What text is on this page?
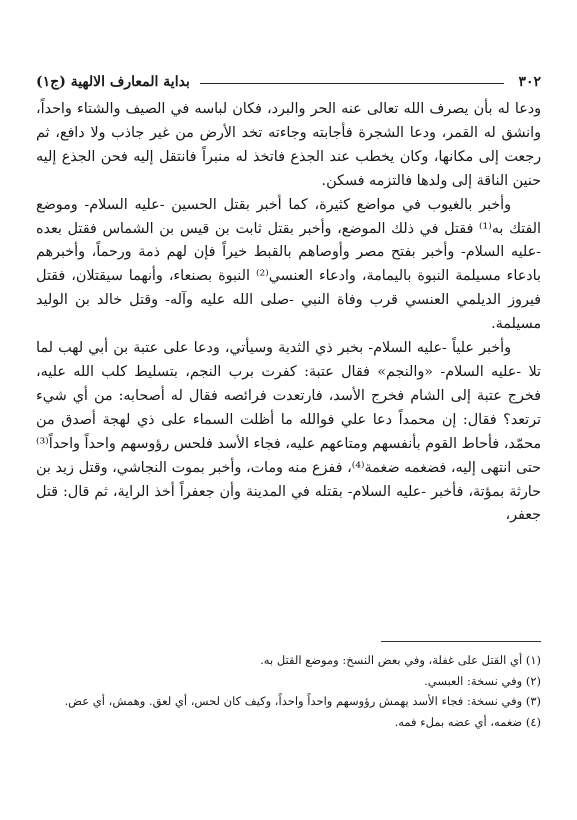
٣٠٢
بداية المعارف الالهية (ج١)

ودعا له بأن يصرف الله تعالى عنه الحر والبرد، فكان لباسه في الصيف والشتاء واحداً، وانشق له القمر، ودعا الشجرة فأجابته وجاءته تخد الأرض من غير جاذب ولا دافع، ثم رجعت إلى مكانها، وكان يخطب عند الجذع فاتخذ له منبراً فانتقل إليه فحن الجذع إليه حنين الناقة إلى ولدها فالتزمه فسكن.

وأخبر بالغيوب في مواضع كثيرة، كما أخبر بقتل الحسين -عليه السلام- وموضع الفتك به⁽¹⁾ فقتل في ذلك الموضع، وأخبر بقتل ثابت بن قيس بن الشماس فقتل بعده -عليه السلام- وأخبر بفتح مصر وأوصاهم بالقبط خيراً فإن لهم ذمة ورحماً، وأخبرهم بادعاء مسيلمة النبوة باليمامة، وادعاء العنسي⁽²⁾ النبوة بصنعاء، وأنهما سيقتلان، فقتل فيروز الديلمي العنسي قرب وفاة النبي -صلى الله عليه وآله- وقتل خالد بن الوليد مسيلمة.

وأخبر علياً -عليه السلام- بخبر ذي الثدية وسيأتي، ودعا على عتبة بن أبي لهب لما تلا -عليه السلام- «والنجم» فقال عتبة: كفرت برب النجم، بتسليط كلب الله عليه، فخرج عتبة إلى الشام فخرج الأسد، فارتعدت فرائصه فقال له أصحابه: من أي شيء ترتعد؟ فقال: إن محمداً دعا علي فوالله ما أظلت السماء على ذي لهجة أصدق من محمّد، فأحاط القوم بأنفسهم ومتاعهم عليه، فجاء الأسد فلحس رؤوسهم واحداً واحداً⁽³⁾ حتى انتهى إليه، فضغمه ضغمة⁽⁴⁾، ففزع منه ومات، وأخبر بموت النجاشي، وقتل زيد بن حارثة بمؤتة، فأخبر -عليه السلام- بقتله في المدينة وأن جعفراً أخذ الراية، ثم قال: قتل جعفر،

(١) أي القتل على غفلة، وفي بعض النسخ: وموضع القتل به.

(٢) وفي نسخة: العبسي.

(٣) وفي نسخة: فجاء الأسد يهمش رؤوسهم واحداً واحداً، وكيف كان لحس، أي لعق. وهمش، أي عض.

(٤) ضغمه، أي عضه بملء فمه.
